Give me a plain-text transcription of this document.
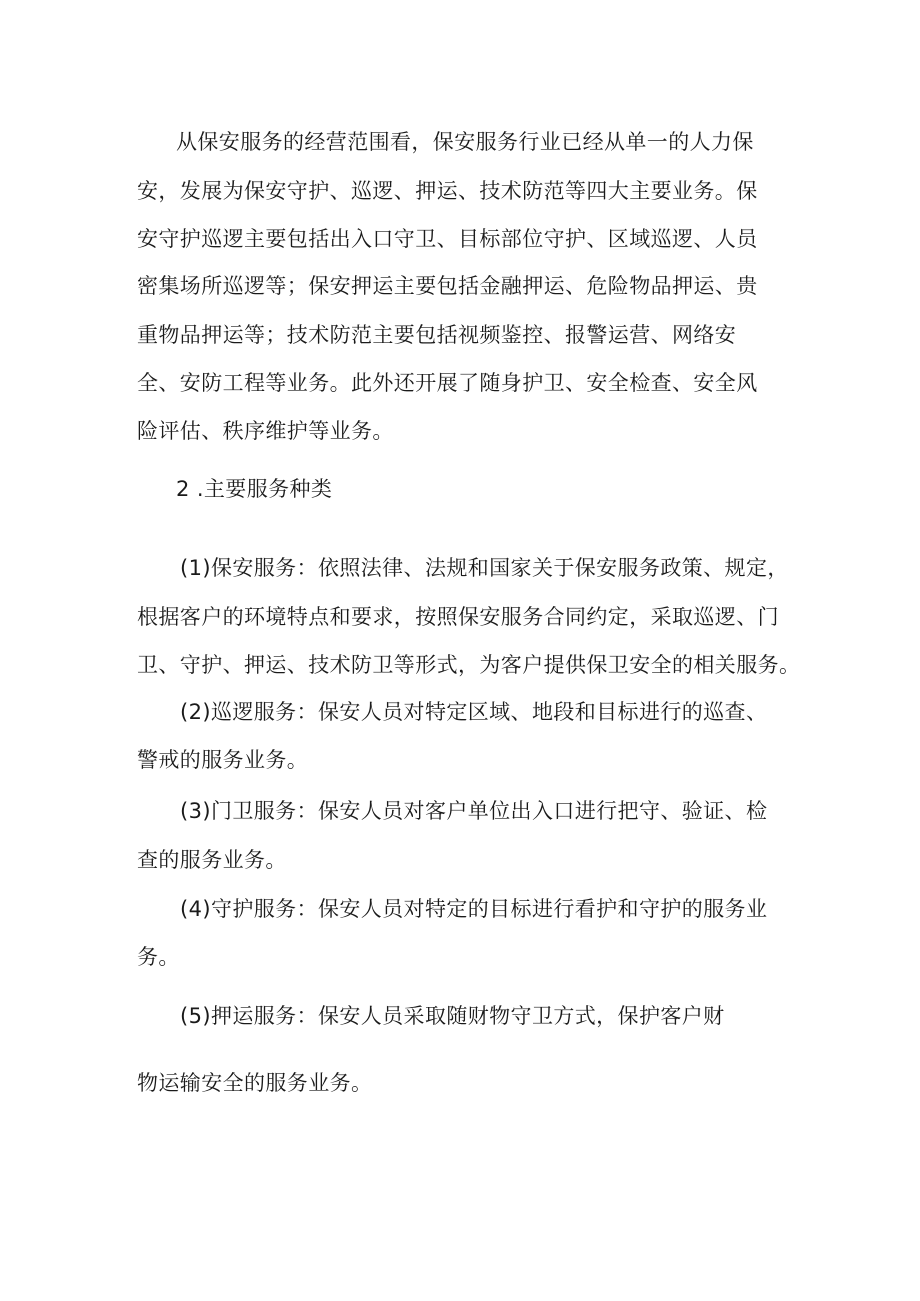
从保安服务的经营范围看，保安服务行业已经从单一的人力保
安，发展为保安守护、巡逻、押运、技术防范等四大主要业务。保
安守护巡逻主要包括出入口守卫、目标部位守护、区域巡逻、人员
密集场所巡逻等；保安押运主要包括金融押运、危险物品押运、贵
重物品押运等；技术防范主要包括视频鉴控、报警运营、网络安
全、安防工程等业务。此外还开展了随身护卫、安全检查、安全风
险评估、秩序维护等业务。
2 .主要服务种类
(1)保安服务：依照法律、法规和国家关于保安服务政策、规定，
根据客户的环境特点和要求，按照保安服务合同约定，采取巡逻、门
卫、守护、押运、技术防卫等形式，为客户提供保卫安全的相关服务。
(2)巡逻服务：保安人员对特定区域、地段和目标进行的巡查、
警戒的服务业务。
(3)门卫服务：保安人员对客户单位出入口进行把守、验证、检
查的服务业务。
(4)守护服务：保安人员对特定的目标进行看护和守护的服务业
务。
(5)押运服务：保安人员采取随财物守卫方式，保护客户财
物运输安全的服务业务。
